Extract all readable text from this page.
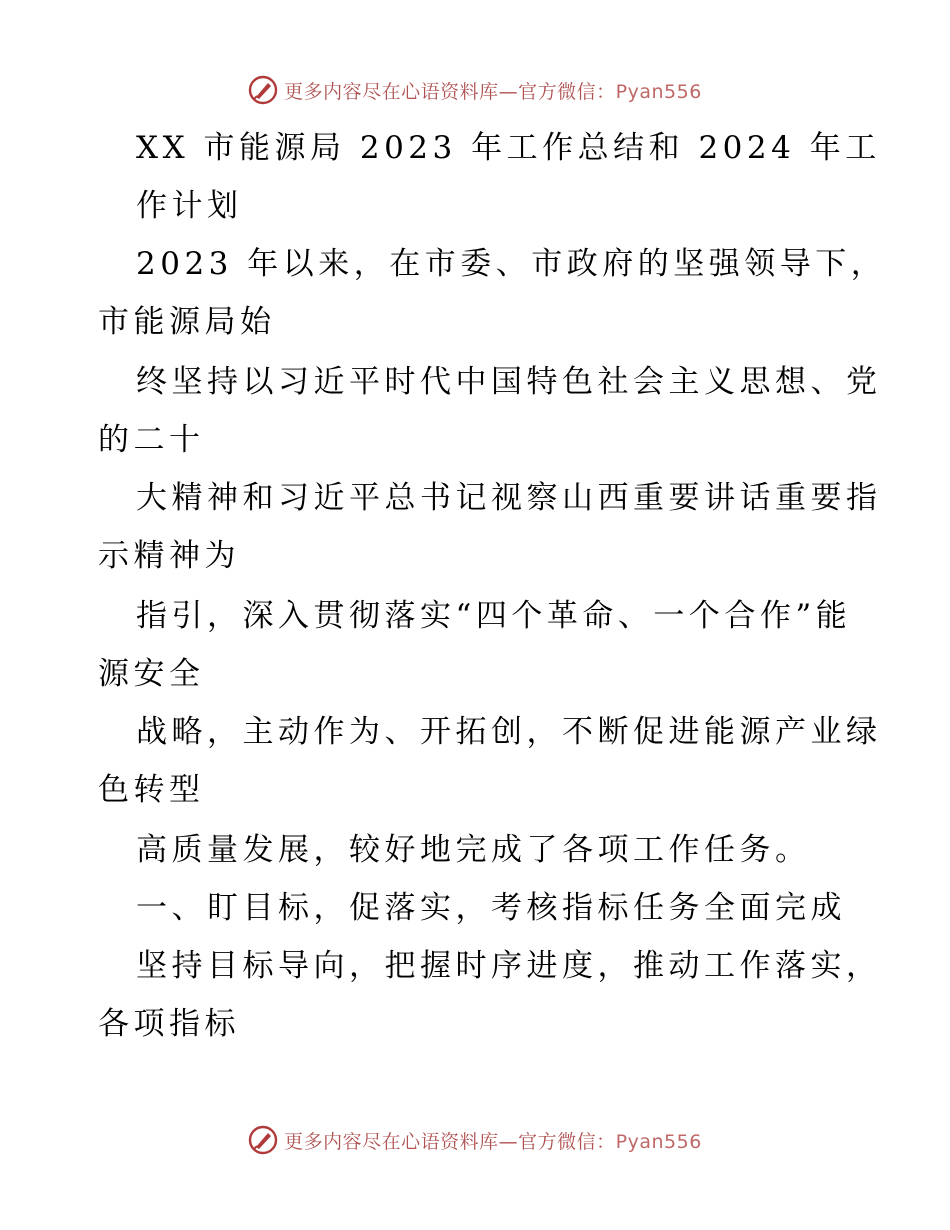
更多内容尽在心语资料库—官方微信：Pyan556
XX 市能源局 2023 年工作总结和 2024 年工
作计划
2023 年以来，在市委、市政府的坚强领导下，
市能源局始
终坚持以习近平时代中国特色社会主义思想、党
的二十
大精神和习近平总书记视察山西重要讲话重要指
示精神为
指引，深入贯彻落实“四个革命、一个合作”能
源安全
战略，主动作为、开拓创，不断促进能源产业绿
色转型
高质量发展，较好地完成了各项工作任务。
一、盯目标，促落实，考核指标任务全面完成
坚持目标导向，把握时序进度，推动工作落实，
各项指标
更多内容尽在心语资料库—官方微信：Pyan556
